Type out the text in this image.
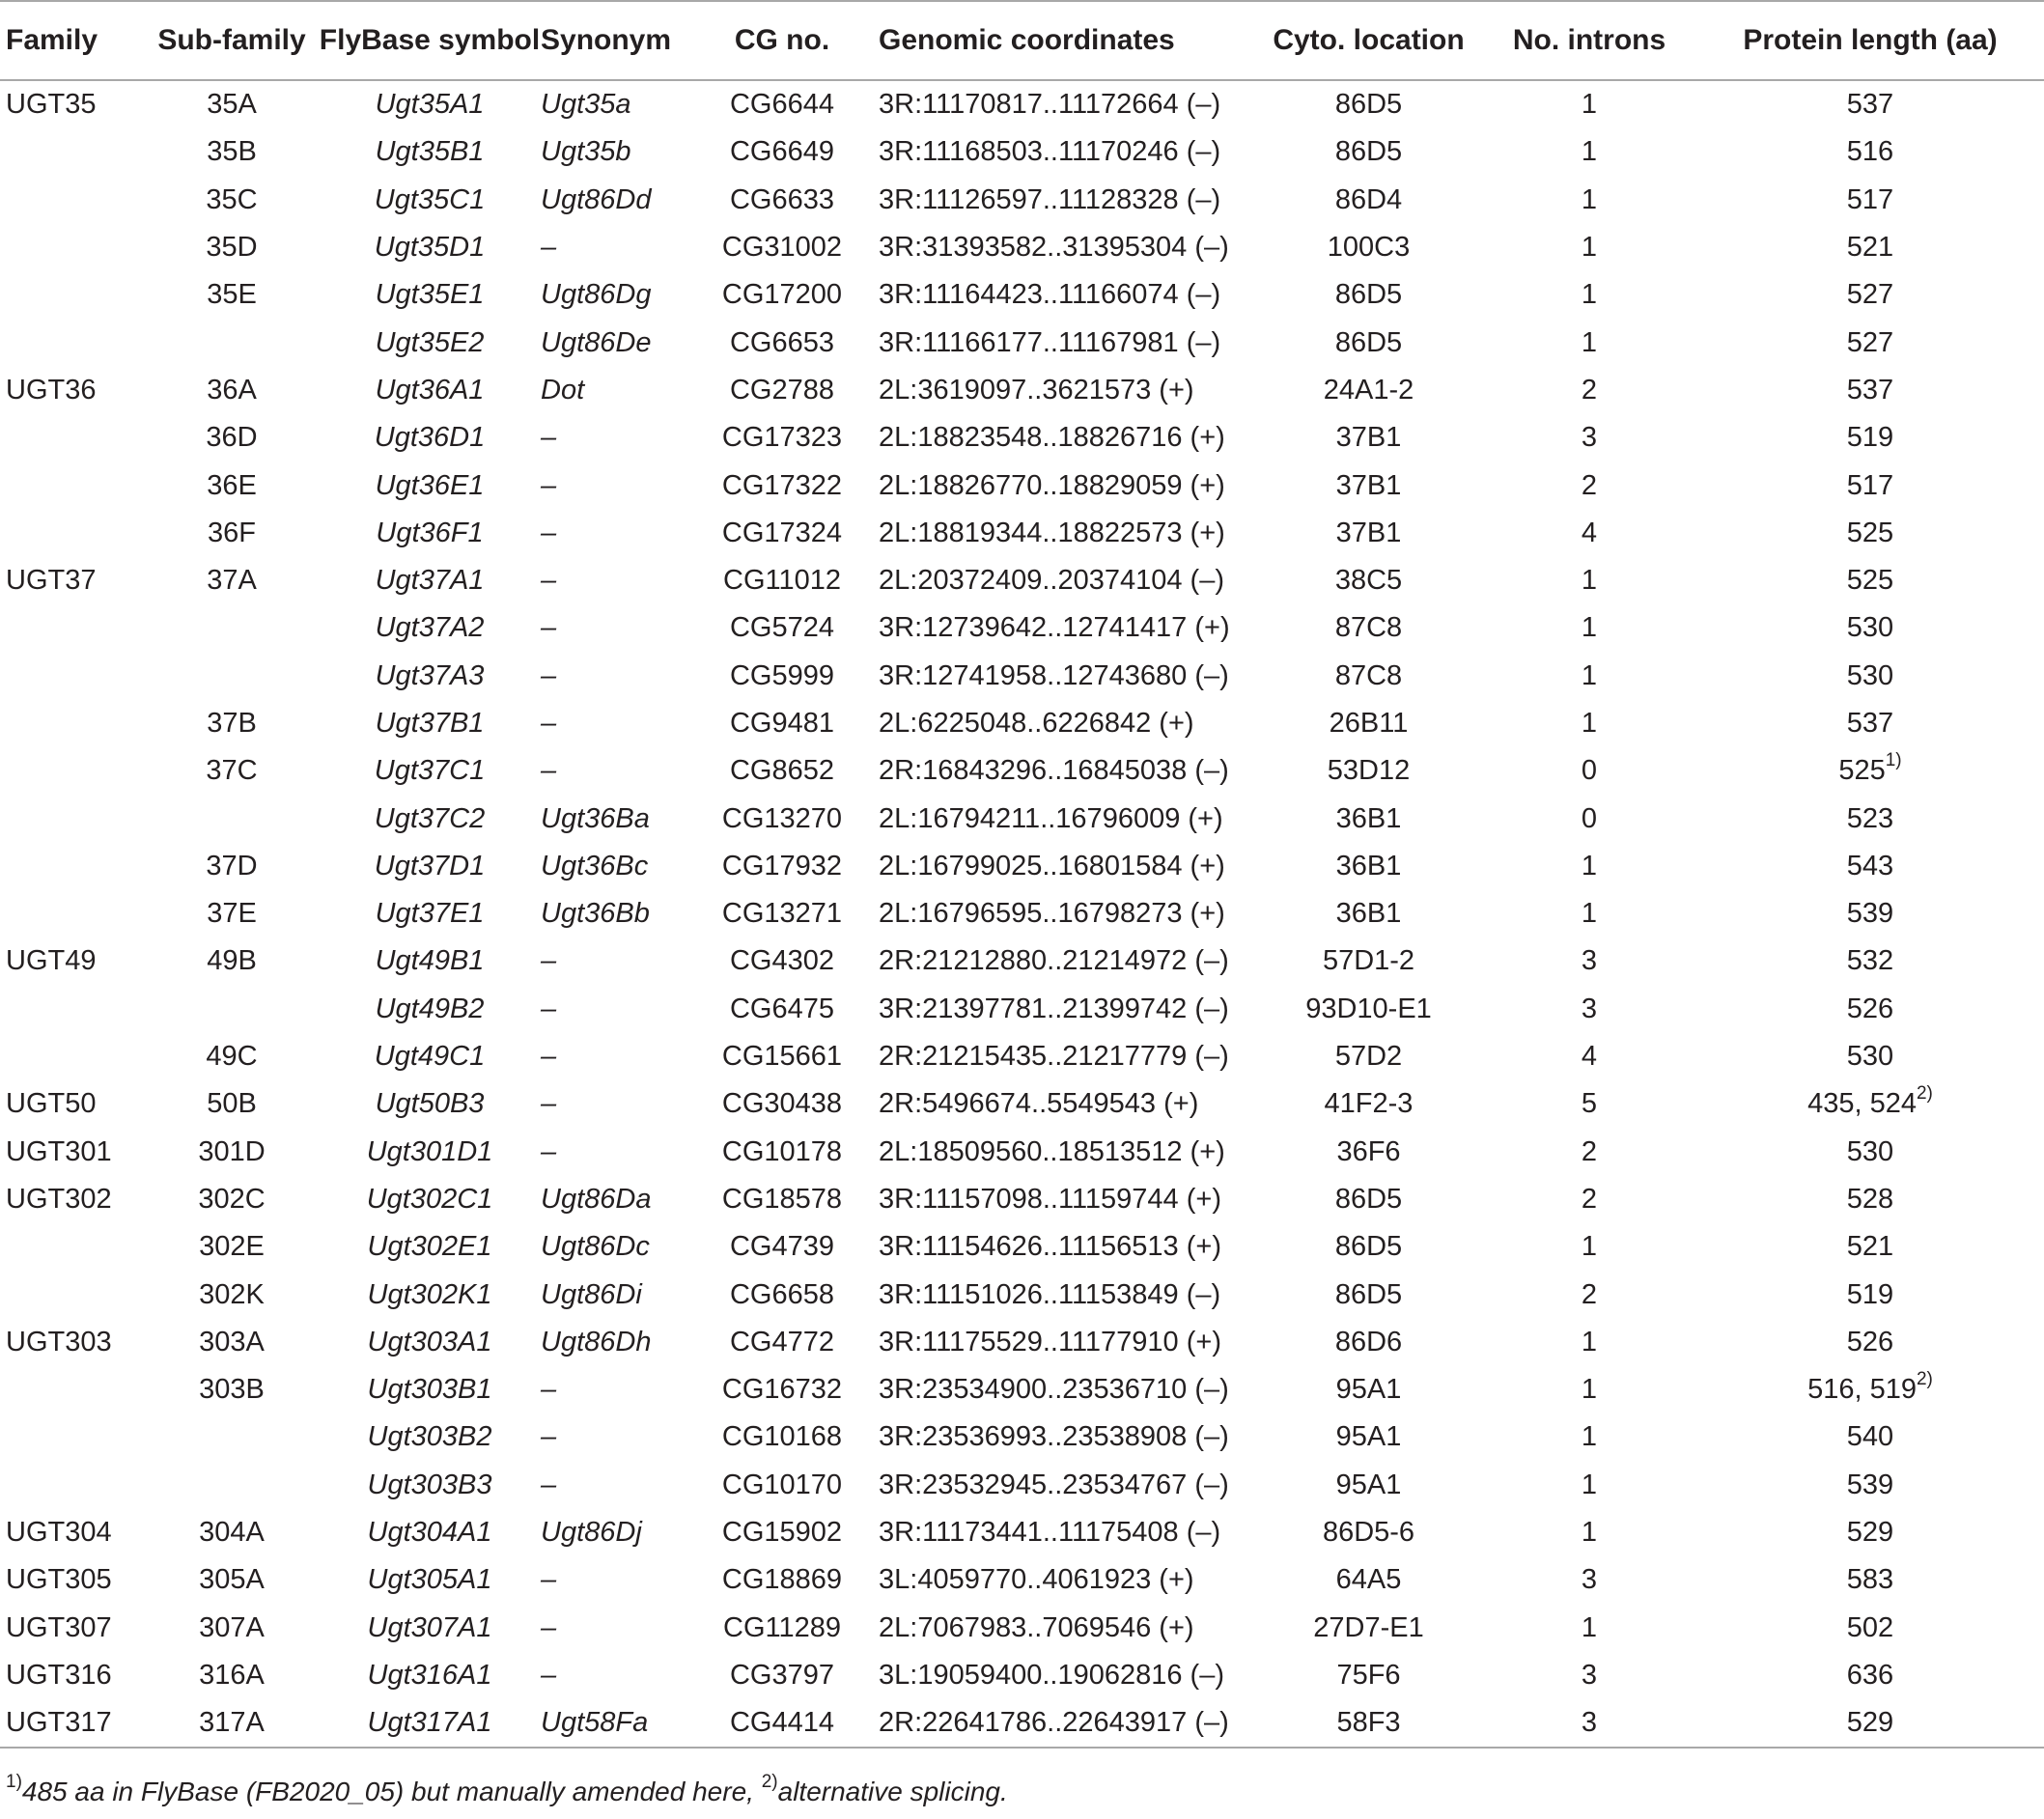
Family	Sub-family	FlyBase symbol	Synonym	CG no.	Genomic coordinates	Cyto. location	No. introns	Protein length (aa)
UGT35	35A	Ugt35A1	Ugt35a	CG6644	3R:11170817..11172664 (–)	86D5	1	537
	35B	Ugt35B1	Ugt35b	CG6649	3R:11168503..11170246 (–)	86D5	1	516
	35C	Ugt35C1	Ugt86Dd	CG6633	3R:11126597..11128328 (–)	86D4	1	517
	35D	Ugt35D1	–	CG31002	3R:31393582..31395304 (–)	100C3	1	521
	35E	Ugt35E1	Ugt86Dg	CG17200	3R:11164423..11166074 (–)	86D5	1	527
		Ugt35E2	Ugt86De	CG6653	3R:11166177..11167981 (–)	86D5	1	527
UGT36	36A	Ugt36A1	Dot	CG2788	2L:3619097..3621573 (+)	24A1-2	2	537
	36D	Ugt36D1	–	CG17323	2L:18823548..18826716 (+)	37B1	3	519
	36E	Ugt36E1	–	CG17322	2L:18826770..18829059 (+)	37B1	2	517
	36F	Ugt36F1	–	CG17324	2L:18819344..18822573 (+)	37B1	4	525
UGT37	37A	Ugt37A1	–	CG11012	2L:20372409..20374104 (–)	38C5	1	525
		Ugt37A2	–	CG5724	3R:12739642..12741417 (+)	87C8	1	530
		Ugt37A3	–	CG5999	3R:12741958..12743680 (–)	87C8	1	530
	37B	Ugt37B1	–	CG9481	2L:6225048..6226842 (+)	26B11	1	537
	37C	Ugt37C1	–	CG8652	2R:16843296..16845038 (–)	53D12	0	525$^{1)}$
		Ugt37C2	Ugt36Ba	CG13270	2L:16794211..16796009 (+)	36B1	0	523
	37D	Ugt37D1	Ugt36Bc	CG17932	2L:16799025..16801584 (+)	36B1	1	543
	37E	Ugt37E1	Ugt36Bb	CG13271	2L:16796595..16798273 (+)	36B1	1	539
UGT49	49B	Ugt49B1	–	CG4302	2R:21212880..21214972 (–)	57D1-2	3	532
		Ugt49B2	–	CG6475	3R:21397781..21399742 (–)	93D10-E1	3	526
	49C	Ugt49C1	–	CG15661	2R:21215435..21217779 (–)	57D2	4	530
UGT50	50B	Ugt50B3	–	CG30438	2R:5496674..5549543 (+)	41F2-3	5	435, 524$^{2)}$
UGT301	301D	Ugt301D1	–	CG10178	2L:18509560..18513512 (+)	36F6	2	530
UGT302	302C	Ugt302C1	Ugt86Da	CG18578	3R:11157098..11159744 (+)	86D5	2	528
	302E	Ugt302E1	Ugt86Dc	CG4739	3R:11154626..11156513 (+)	86D5	1	521
	302K	Ugt302K1	Ugt86Di	CG6658	3R:11151026..11153849 (–)	86D5	2	519
UGT303	303A	Ugt303A1	Ugt86Dh	CG4772	3R:11175529..11177910 (+)	86D6	1	526
	303B	Ugt303B1	–	CG16732	3R:23534900..23536710 (–)	95A1	1	516, 519$^{2)}$
		Ugt303B2	–	CG10168	3R:23536993..23538908 (–)	95A1	1	540
		Ugt303B3	–	CG10170	3R:23532945..23534767 (–)	95A1	1	539
UGT304	304A	Ugt304A1	Ugt86Dj	CG15902	3R:11173441..11175408 (–)	86D5-6	1	529
UGT305	305A	Ugt305A1	–	CG18869	3L:4059770..4061923 (+)	64A5	3	583
UGT307	307A	Ugt307A1	–	CG11289	2L:7067983..7069546 (+)	27D7-E1	1	502
UGT316	316A	Ugt316A1	–	CG3797	3L:19059400..19062816 (–)	75F6	3	636
UGT317	317A	Ugt317A1	Ugt58Fa	CG4414	2R:22641786..22643917 (–)	58F3	3	529
$^{1)}$485 aa in FlyBase (FB2020_05) but manually amended here, $^{2)}$alternative splicing.
